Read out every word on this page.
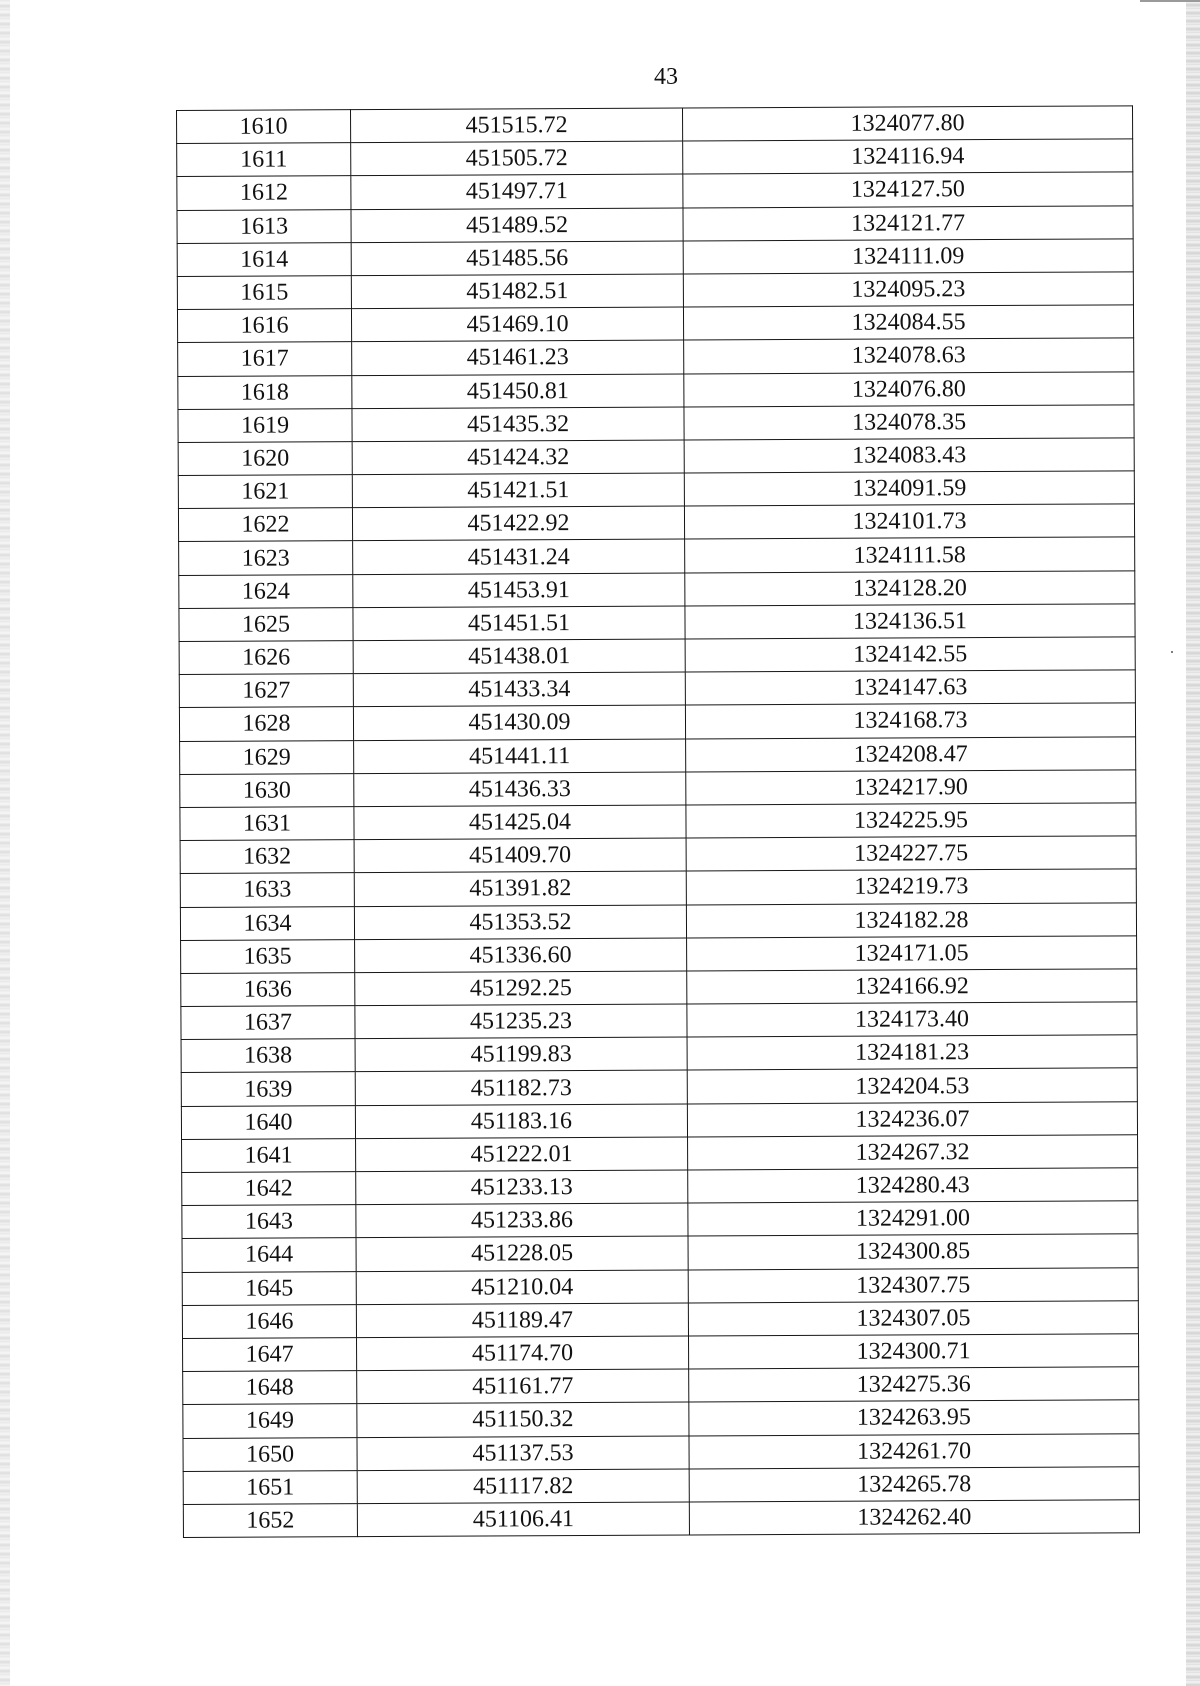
43
1610	451515.72	1324077.80
1611	451505.72	1324116.94
1612	451497.71	1324127.50
1613	451489.52	1324121.77
1614	451485.56	1324111.09
1615	451482.51	1324095.23
1616	451469.10	1324084.55
1617	451461.23	1324078.63
1618	451450.81	1324076.80
1619	451435.32	1324078.35
1620	451424.32	1324083.43
1621	451421.51	1324091.59
1622	451422.92	1324101.73
1623	451431.24	1324111.58
1624	451453.91	1324128.20
1625	451451.51	1324136.51
1626	451438.01	1324142.55
1627	451433.34	1324147.63
1628	451430.09	1324168.73
1629	451441.11	1324208.47
1630	451436.33	1324217.90
1631	451425.04	1324225.95
1632	451409.70	1324227.75
1633	451391.82	1324219.73
1634	451353.52	1324182.28
1635	451336.60	1324171.05
1636	451292.25	1324166.92
1637	451235.23	1324173.40
1638	451199.83	1324181.23
1639	451182.73	1324204.53
1640	451183.16	1324236.07
1641	451222.01	1324267.32
1642	451233.13	1324280.43
1643	451233.86	1324291.00
1644	451228.05	1324300.85
1645	451210.04	1324307.75
1646	451189.47	1324307.05
1647	451174.70	1324300.71
1648	451161.77	1324275.36
1649	451150.32	1324263.95
1650	451137.53	1324261.70
1651	451117.82	1324265.78
1652	451106.41	1324262.40
